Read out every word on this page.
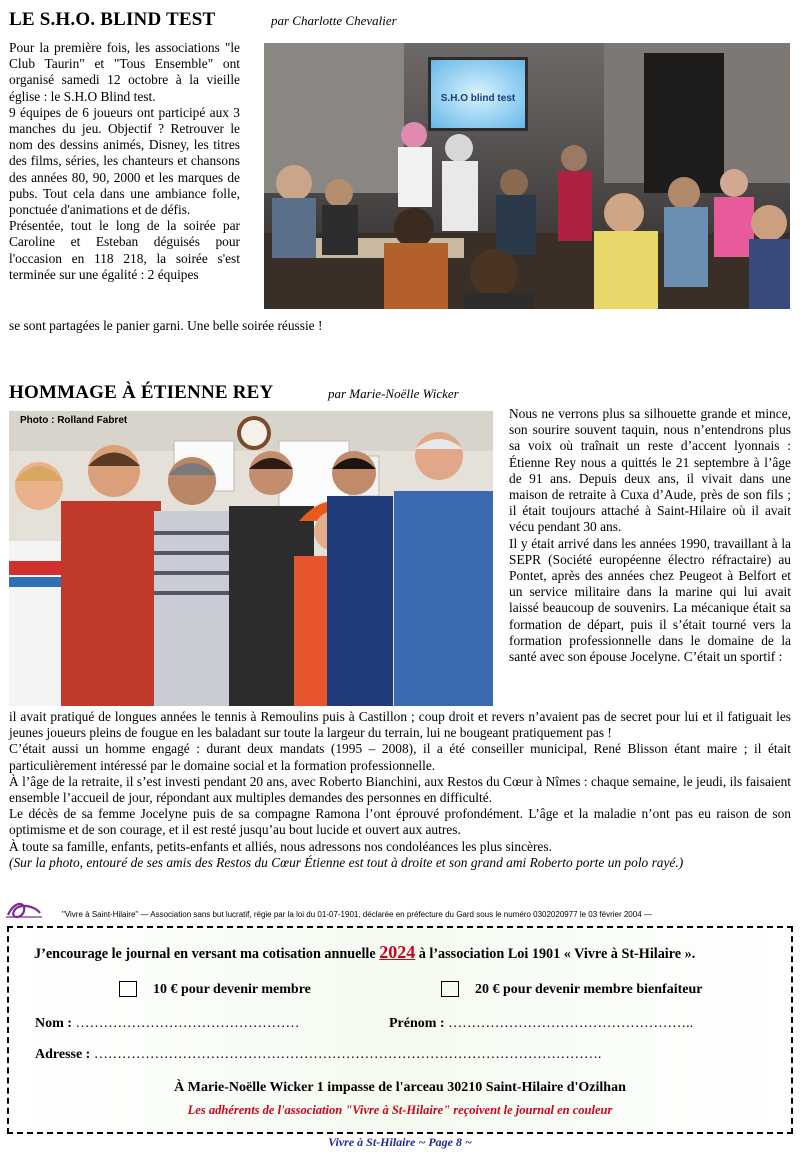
LE S.H.O. BLIND TEST	par Charlotte Chevalier
Pour la première fois, les associations "le Club Taurin" et "Tous Ensemble" ont organisé samedi 12 octobre à la vieille église : le S.H.O Blind test.
9 équipes de 6 joueurs ont participé aux 3 manches du jeu. Objectif ? Retrouver le nom des dessins animés, Disney, les titres des films, séries, les chanteurs et chansons des années 80, 90, 2000 et les marques de pubs. Tout cela dans une ambiance folle, ponctuée d'animations et de défis.
Présentée, tout le long de la soirée par Caroline et Esteban déguisés pour l'occasion en 118 218, la soirée s'est terminée sur une égalité : 2 équipes
se sont partagées le panier garni. Une belle soirée réussie !
S.H.O blind test
HOMMAGE À ÉTIENNE REY	par Marie-Noëlle Wicker
Photo : Rolland Fabret	Nous ne verrons plus sa silhouette grande et mince, son sourire souvent taquin, nous n’entendrons plus sa voix où traînait un reste d’accent lyonnais : Étienne Rey nous a quittés le 21 septembre à l’âge de 91 ans. Depuis deux ans, il vivait dans une maison de retraite à Cuxa d’Aude, près de son fils ; il était toujours attaché à Saint-Hilaire où il avait vécu pendant 30 ans.
Il y était arrivé dans les années 1990, travaillant à la SEPR (Société européenne électro réfractaire) au Pontet, après des années chez Peugeot à Belfort et un service militaire dans la marine qui lui avait laissé beaucoup de souvenirs. La mécanique était sa formation de départ, puis il s’était tourné vers la formation professionnelle dans le domaine de la santé avec son épouse Jocelyne. C’était un sportif :
il avait pratiqué de longues années le tennis à Remoulins puis à Castillon ; coup droit et revers n’avaient pas de secret pour lui et il fatiguait les jeunes joueurs pleins de fougue en les baladant sur toute la largeur du terrain, lui ne bougeant pratiquement pas !
C’était aussi un homme engagé : durant deux mandats (1995 – 2008), il a été conseiller municipal, René Blisson étant maire ; il était particulièrement intéressé par le domaine social et la formation professionnelle.
À l’âge de la retraite, il s’est investi pendant 20 ans, avec Roberto Bianchini, aux Restos du Cœur à Nîmes : chaque semaine, le jeudi, ils faisaient ensemble l’accueil de jour, répondant aux multiples demandes des personnes en difficulté.
Le décès de sa femme Jocelyne puis de sa compagne Ramona l’ont éprouvé profondément. L’âge et la maladie n’ont pas eu raison de son optimisme et de son courage, et il est resté jusqu’au bout lucide et ouvert aux autres.
À toute sa famille, enfants, petits-enfants et alliés, nous adressons nos condoléances les plus sincères.
(Sur la photo, entouré de ses amis des Restos du Cœur Étienne est tout à droite et son grand ami Roberto porte un polo rayé.)
"Vivre à Saint-Hilaire" — Association sans but lucratif, régie par la loi du 01-07-1901, déclarée en préfecture du Gard sous le numéro 0302020977 le 03 février 2004 —
J’encourage le journal en versant ma cotisation annuelle 2024 à l’association Loi 1901 « Vivre à St-Hilaire ».
10 € pour devenir membre	20 € pour devenir membre bienfaiteur
Nom : …………………………………………	Prénom : ……………………………………………..
Adresse : ……………………………………………………………………………………………….
À Marie-Noëlle Wicker 1 impasse de l'arceau 30210 Saint-Hilaire d'Ozilhan
Les adhérents de l'association "Vivre à St-Hilaire" reçoivent le journal en couleur
Vivre à St-Hilaire ~ Page 8 ~
